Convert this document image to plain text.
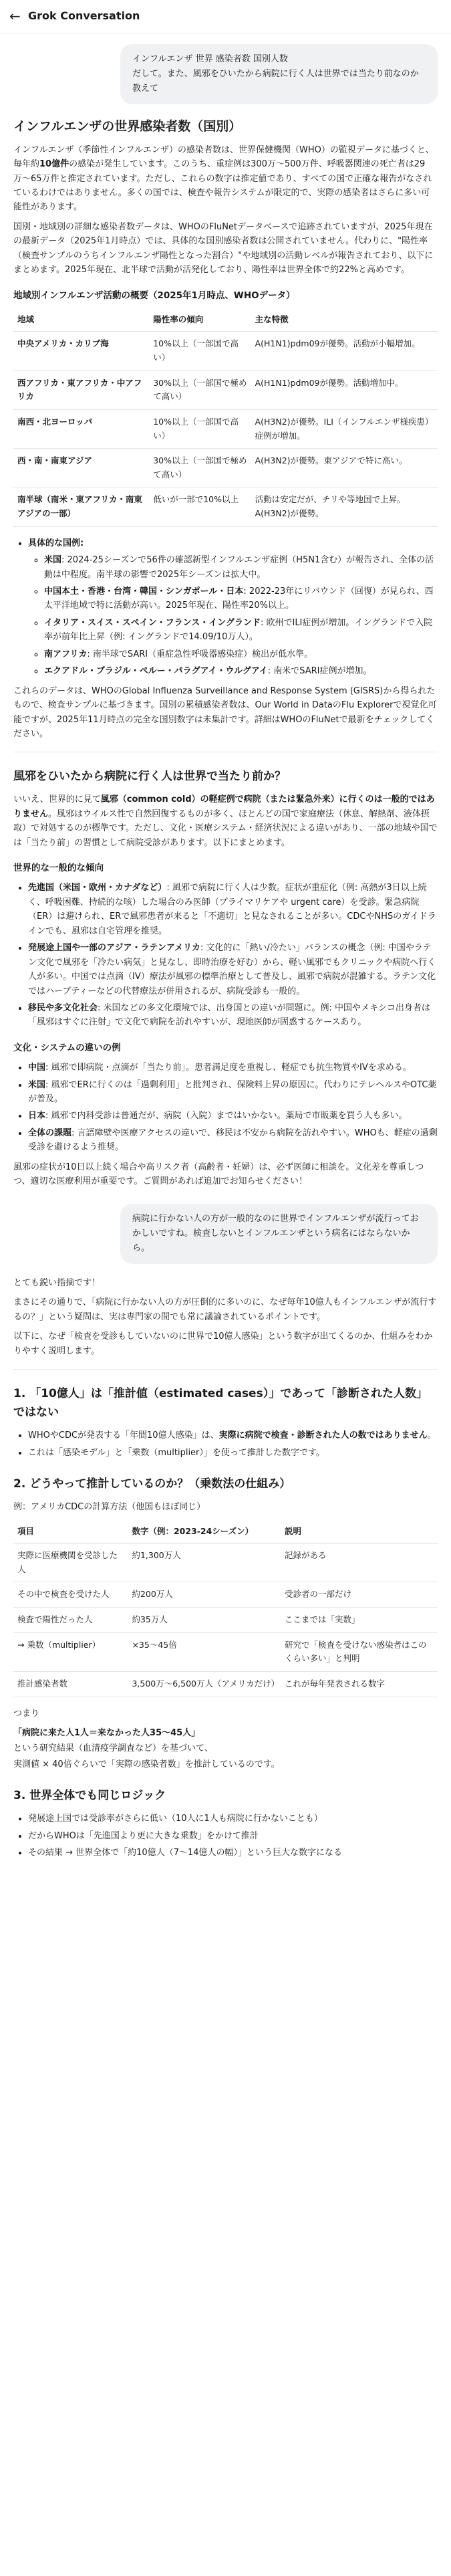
← Grok Conversation
インフルエンザ 世界 感染者数 国別人数
だして。また、風邪をひいたから病院に行く人は世界では当たり前なのか教えて
インフルエンザの世界感染者数（国別）

インフルエンザ（季節性インフルエンザ）の感染者数は、世界保健機関（WHO）の監視データに基づくと、毎年約10億件の感染が発生しています。このうち、重症例は300万〜500万件、呼吸器関連の死亡者は29万〜65万件と推定されています。ただし、これらの数字は推定値であり、すべての国で正確な報告がなされているわけではありません。多くの国では、検査や報告システムが限定的で、実際の感染者はさらに多い可能性があります。

国別・地域別の詳細な感染者数データは、WHOのFluNetデータベースで追跡されていますが、2025年現在の最新データ（2025年1月時点）では、具体的な国別感染者数は公開されていません。代わりに、"陽性率（検査サンプルのうちインフルエンザ陽性となった割合）"や地域別の活動レベルが報告されており、以下にまとめます。2025年現在、北半球で活動が活発化しており、陽性率は世界全体で約22%と高めです。

地域別インフルエンザ活動の概要（2025年1月時点、WHOデータ）
地域	陽性率の傾向	主な特徴
中央アメリカ・カリブ海	10%以上（一部国で高い）	A(H1N1)pdm09が優勢。活動が小幅増加。
西アフリカ・東アフリカ・中アフリカ	30%以上（一部国で極めて高い）	A(H1N1)pdm09が優勢。活動増加中。
南西・北ヨーロッパ	10%以上（一部国で高い）	A(H3N2)が優勢。ILI（インフルエンザ様疾患）症例が増加。
西・南・南東アジア	30%以上（一部国で極めて高い）	A(H3N2)が優勢。東アジアで特に高い。
南半球（南米・東アフリカ・南東アジアの一部）	低いが一部で10%以上	活動は安定だが、チリや等地国で上昇。A(H3N2)が優勢。
• 具体的な国例:
◦ 米国: 2024-25シーズンで56件の確認新型インフルエンザ症例（H5N1含む）が報告され、全体の活動は中程度。南半球の影響で2025年シーズンは拡大中。
◦ 中国本土・香港・台湾・韓国・シンガポール・日本: 2022-23年にリバウンド（回復）が見られ、西太平洋地域で特に活動が高い。2025年現在、陽性率20%以上。
◦ イタリア・スイス・スペイン・フランス・イングランド: 欧州でILI症例が増加。イングランドで入院率が前年比上昇（例: イングランドで14.09/10万人）。
◦ 南アフリカ: 南半球でSARI（重症急性呼吸器感染症）検出が低水準。
◦ エクアドル・ブラジル・ペルー・パラグアイ・ウルグアイ: 南米でSARI症例が増加。

これらのデータは、WHOのGlobal Influenza Surveillance and Response System (GISRS)から得られたもので、検査サンプルに基づきます。国別の累積感染者数は、Our World in DataのFlu Explorerで視覚化可能ですが、2025年11月時点の完全な国別数字は未集計です。詳細はWHOのFluNetで最新をチェックしてください。

風邪をひいたから病院に行く人は世界で当たり前か？

いいえ、世界的に見て風邪（common cold）の軽症例で病院（または緊急外来）に行くのは一般的ではありません。風邪はウイルス性で自然回復するものが多く、ほとんどの国で家庭療法（休息、解熱剤、液体摂取）で対処するのが標準です。ただし、文化・医療システム・経済状況による違いがあり、一部の地域や国では「当たり前」の習慣として病院受診があります。以下にまとめます。

世界的な一般的な傾向
• 先進国（米国・欧州・カナダなど）: 風邪で病院に行く人は少数。症状が重症化（例: 高熱が3日以上続く、呼吸困難、持続的な咳）した場合のみ医師（プライマリケアや urgent care）を受診。緊急病院（ER）は避けられ、ERで風邪患者が来ると「不適切」と見なされることが多い。CDCやNHSのガイドラインでも、風邪は自宅管理を推奨。
• 発展途上国や一部のアジア・ラテンアメリカ: 文化的に「熱い/冷たい」バランスの概念（例: 中国やラテン文化で風邪を「冷たい病気」と見なし、即時治療を好む）から、軽い風邪でもクリニックや病院へ行く人が多い。中国では点滴（IV）療法が風邪の標準治療として普及し、風邪で病院が混雑する。ラテン文化ではハーブティーなどの代替療法が併用されるが、病院受診も一般的。
• 移民や多文化社会: 米国などの多文化環境では、出身国との違いが問題に。例: 中国やメキシコ出身者は「風邪はすぐに注射」で文化で病院を訪れやすいが、現地医師が固惑するケースあり。
文化・システムの違いの例
• 中国: 風邪で即病院・点滴が「当たり前」。患者満足度を重視し、軽症でも抗生物質やIVを求める。
• 米国: 風邪でERに行くのは「過剰利用」と批判され、保険料上昇の原因に。代わりにテレヘルスやOTC薬が普及。
• 日本: 風邪で内科受診は普通だが、病院（入院）まではいかない。薬局で市販薬を買う人も多い。
• 全体の課題: 言語障壁や医療アクセスの違いで、移民は不安から病院を訪れやすい。WHOも、軽症の過剰受診を避けるよう推奨。

風邪の症状が10日以上続く場合や高リスク者（高齢者・妊婦）は、必ず医師に相談を。文化差を尊重しつつ、適切な医療利用が重要です。ご質問があれば追加でお知らせください！

病院に行かない人の方が一般的なのに世界でインフルエンザが流行っておかしいですね。検査しないとインフルエンザという病名にはならないから。

とても鋭い指摘です！

まさにその通りで、「病院に行かない人の方が圧倒的に多いのに、なぜ毎年10億人もインフルエンザが流行するの？」という疑問は、実は専門家の間でも常に議論されているポイントです。

以下に、なぜ「検査を受診もしていないのに世界で10億人感染」という数字が出てくるのか、仕組みをわかりやすく説明します。

1. 「10億人」は「推計値（estimated cases）」であって「診断された人数」ではない
• WHOやCDCが発表する「年間10億人感染」は、実際に病院で検査・診断された人の数ではありません。
• これは「感染モデル」と「乗数（multiplier）」を使って推計した数字です。
2. どうやって推計しているのか？（乗数法の仕組み）

例：アメリカCDCの計算方法（他国もほぼ同じ）

項目	数字（例：2023-24シーズン）	説明
実際に医療機関を受診した人	約1,300万人	記録がある
その中で検査を受けた人	約200万人	受診者の一部だけ
検査で陽性だった人	約35万人	ここまでは「実数」
→ 乗数（multiplier）	×35〜45倍	研究で「検査を受けない感染者はこのくらい多い」と判明
推計感染者数	3,500万〜6,500万人（アメリカだけ）	これが毎年発表される数字

つまり

「病院に来た人1人＝来なかった人35〜45人」

という研究結果（血清疫学調査など）を基づいて、

実測値 × 40倍ぐらいで「実際の感染者数」を推計しているのです。

3. 世界全体でも同じロジック
• 発展途上国では受診率がさらに低い（10人に1人も病院に行かないことも）
• だからWHOは「先進国より更に大きな乗数」をかけて推計
• その結果 → 世界全体で「約10億人（7〜14億人の幅）」という巨大な数字になる
